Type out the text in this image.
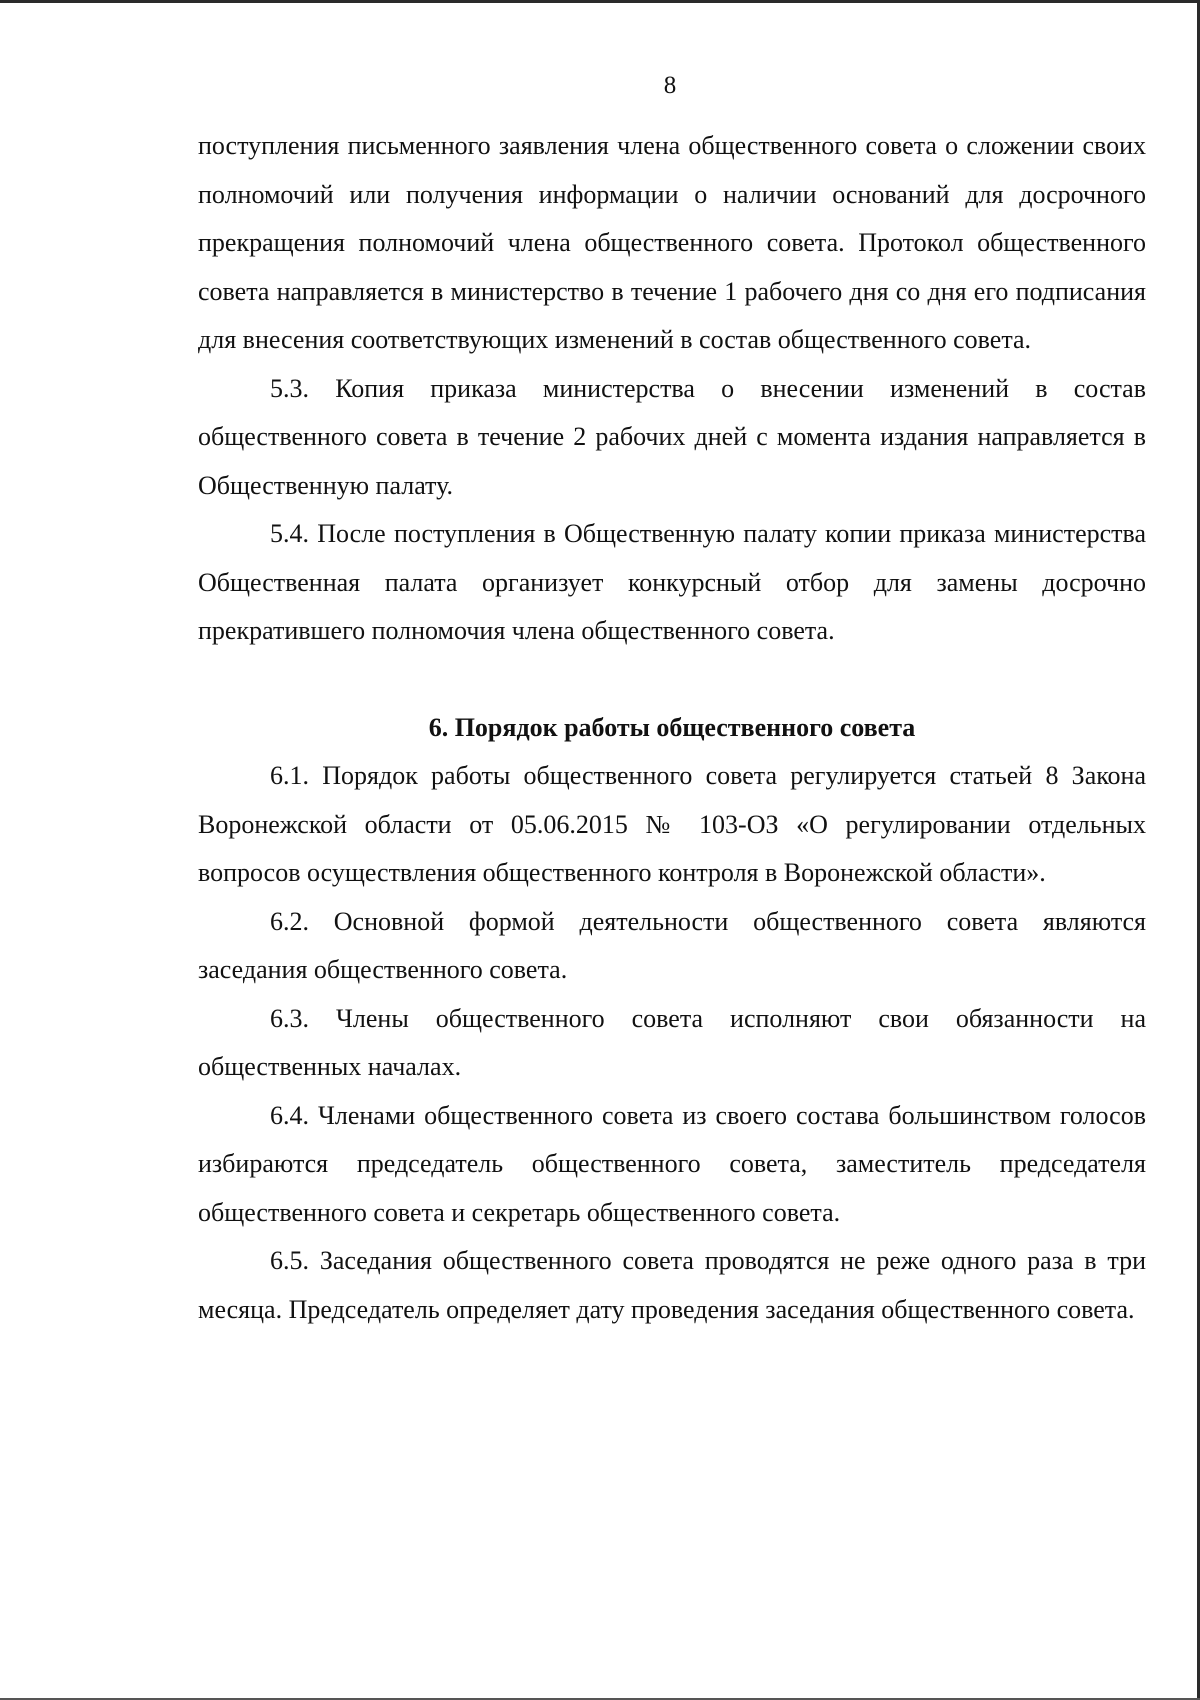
8

поступления письменного заявления члена общественного совета о сложении своих полномочий или получения информации о наличии оснований для досрочного прекращения полномочий члена общественного совета. Протокол общественного совета направляется в министерство в течение 1 рабочего дня со дня его подписания для внесения соответствующих изменений в состав общественного совета.

5.3. Копия приказа министерства о внесении изменений в состав общественного совета в течение 2 рабочих дней с момента издания направляется в Общественную палату.

5.4. После поступления в Общественную палату копии приказа министерства Общественная палата организует конкурсный отбор для замены досрочно прекратившего полномочия члена общественного совета.

6. Порядок работы общественного совета

6.1. Порядок работы общественного совета регулируется статьей 8 Закона Воронежской области от 05.06.2015 № 103-ОЗ «О регулировании отдельных вопросов осуществления общественного контроля в Воронежской области».

6.2. Основной формой деятельности общественного совета являются заседания общественного совета.

6.3. Члены общественного совета исполняют свои обязанности на общественных началах.

6.4. Членами общественного совета из своего состава большинством голосов избираются председатель общественного совета, заместитель председателя общественного совета и секретарь общественного совета.

6.5. Заседания общественного совета проводятся не реже одного раза в три месяца. Председатель определяет дату проведения заседания общественного совета.
